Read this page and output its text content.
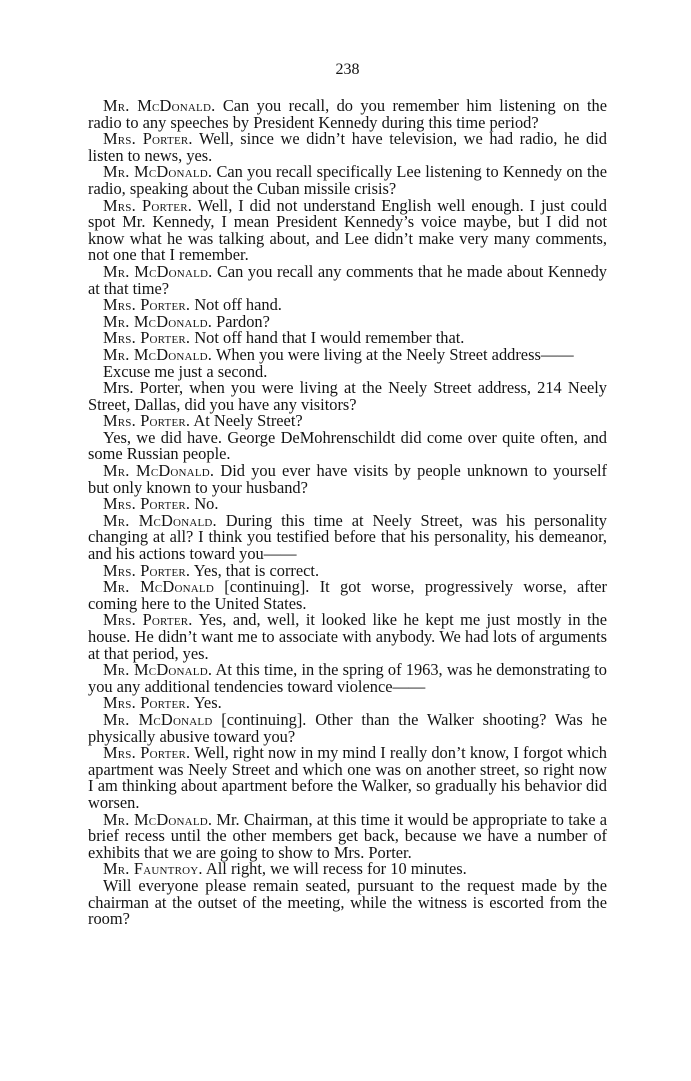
238

Mr. McDonald. Can you recall, do you remember him listening on the radio to any speeches by President Kennedy during this time period?

Mrs. Porter. Well, since we didn’t have television, we had radio, he did listen to news, yes.

Mr. McDonald. Can you recall specifically Lee listening to Kennedy on the radio, speaking about the Cuban missile crisis?

Mrs. Porter. Well, I did not understand English well enough. I just could spot Mr. Kennedy, I mean President Kennedy’s voice maybe, but I did not know what he was talking about, and Lee didn’t make very many comments, not one that I remember.

Mr. McDonald. Can you recall any comments that he made about Kennedy at that time?

Mrs. Porter. Not off hand.

Mr. McDonald. Pardon?

Mrs. Porter. Not off hand that I would remember that.

Mr. McDonald. When you were living at the Neely Street address——

Excuse me just a second.

Mrs. Porter, when you were living at the Neely Street address, 214 Neely Street, Dallas, did you have any visitors?

Mrs. Porter. At Neely Street?

Yes, we did have. George DeMohrenschildt did come over quite often, and some Russian people.

Mr. McDonald. Did you ever have visits by people unknown to yourself but only known to your husband?

Mrs. Porter. No.

Mr. McDonald. During this time at Neely Street, was his personality changing at all? I think you testified before that his personality, his demeanor, and his actions toward you——

Mrs. Porter. Yes, that is correct.

Mr. McDonald [continuing]. It got worse, progressively worse, after coming here to the United States.

Mrs. Porter. Yes, and, well, it looked like he kept me just mostly in the house. He didn’t want me to associate with anybody. We had lots of arguments at that period, yes.

Mr. McDonald. At this time, in the spring of 1963, was he demonstrating to you any additional tendencies toward violence——

Mrs. Porter. Yes.

Mr. McDonald [continuing]. Other than the Walker shooting? Was he physically abusive toward you?

Mrs. Porter. Well, right now in my mind I really don’t know, I forgot which apartment was Neely Street and which one was on another street, so right now I am thinking about apartment before the Walker, so gradually his behavior did worsen.

Mr. McDonald. Mr. Chairman, at this time it would be appropriate to take a brief recess until the other members get back, because we have a number of exhibits that we are going to show to Mrs. Porter.

Mr. Fauntroy. All right, we will recess for 10 minutes.

Will everyone please remain seated, pursuant to the request made by the chairman at the outset of the meeting, while the witness is escorted from the room?
